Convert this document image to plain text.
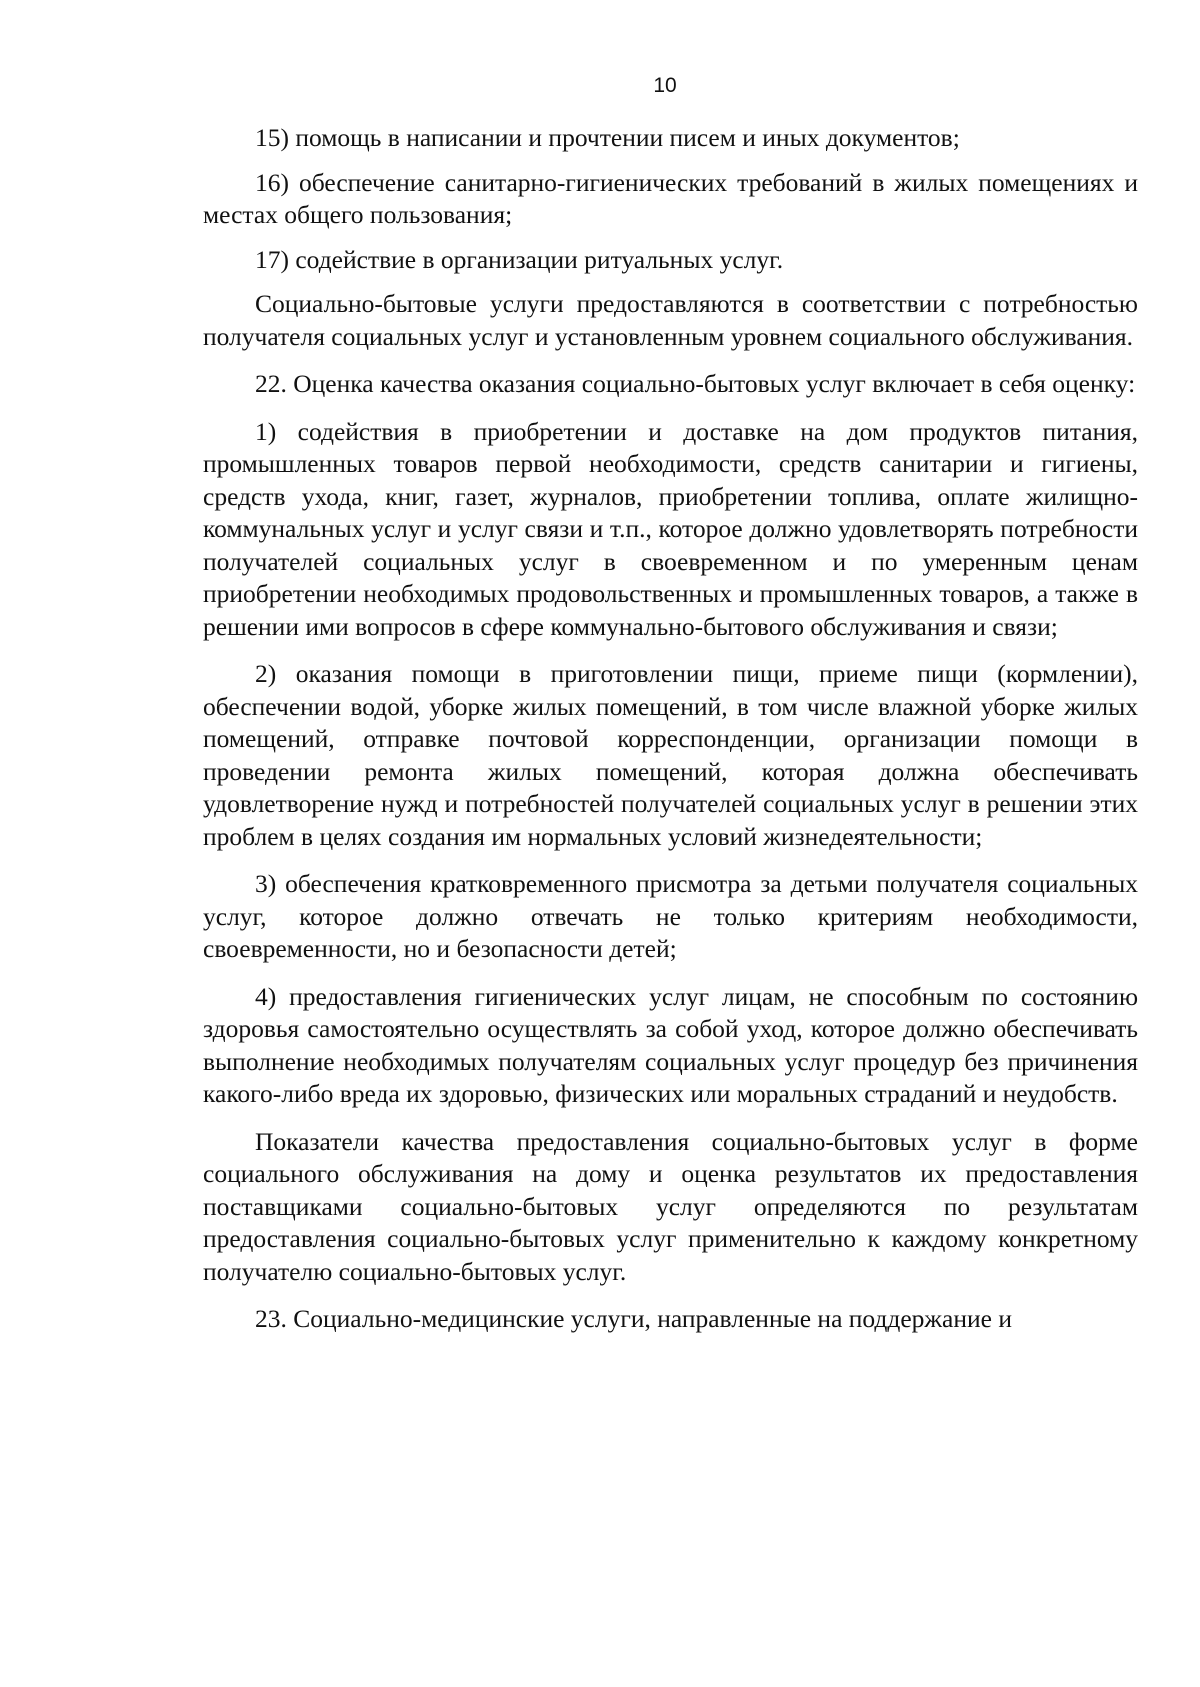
10

15) помощь в написании и прочтении писем и иных документов;

16) обеспечение санитарно-гигиенических требований в жилых помещениях и местах общего пользования;

17) содействие в организации ритуальных услуг.

Социально-бытовые услуги предоставляются в соответствии с потребностью получателя социальных услуг и установленным уровнем социального обслуживания.

22. Оценка качества оказания социально-бытовых услуг включает в себя оценку:

1) содействия в приобретении и доставке на дом продуктов питания, промышленных товаров первой необходимости, средств санитарии и гигиены, средств ухода, книг, газет, журналов, приобретении топлива, оплате жилищно-коммунальных услуг и услуг связи и т.п., которое должно удовлетворять потребности получателей социальных услуг в своевременном и по умеренным ценам приобретении необходимых продовольственных и промышленных товаров, а также в решении ими вопросов в сфере коммунально-бытового обслуживания и связи;

2) оказания помощи в приготовлении пищи, приеме пищи (кормлении), обеспечении водой, уборке жилых помещений, в том числе влажной уборке жилых помещений, отправке почтовой корреспонденции, организации помощи в проведении ремонта жилых помещений, которая должна обеспечивать удовлетворение нужд и потребностей получателей социальных услуг в решении этих проблем в целях создания им нормальных условий жизнедеятельности;

3) обеспечения кратковременного присмотра за детьми получателя социальных услуг, которое должно отвечать не только критериям необходимости, своевременности, но и безопасности детей;

4) предоставления гигиенических услуг лицам, не способным по состоянию здоровья самостоятельно осуществлять за собой уход, которое должно обеспечивать выполнение необходимых получателям социальных услуг процедур без причинения какого-либо вреда их здоровью, физических или моральных страданий и неудобств.

Показатели качества предоставления социально-бытовых услуг в форме социального обслуживания на дому и оценка результатов их предоставления поставщиками социально-бытовых услуг определяются по результатам предоставления социально-бытовых услуг применительно к каждому конкретному получателю социально-бытовых услуг.

23. Социально-медицинские услуги, направленные на поддержание и
